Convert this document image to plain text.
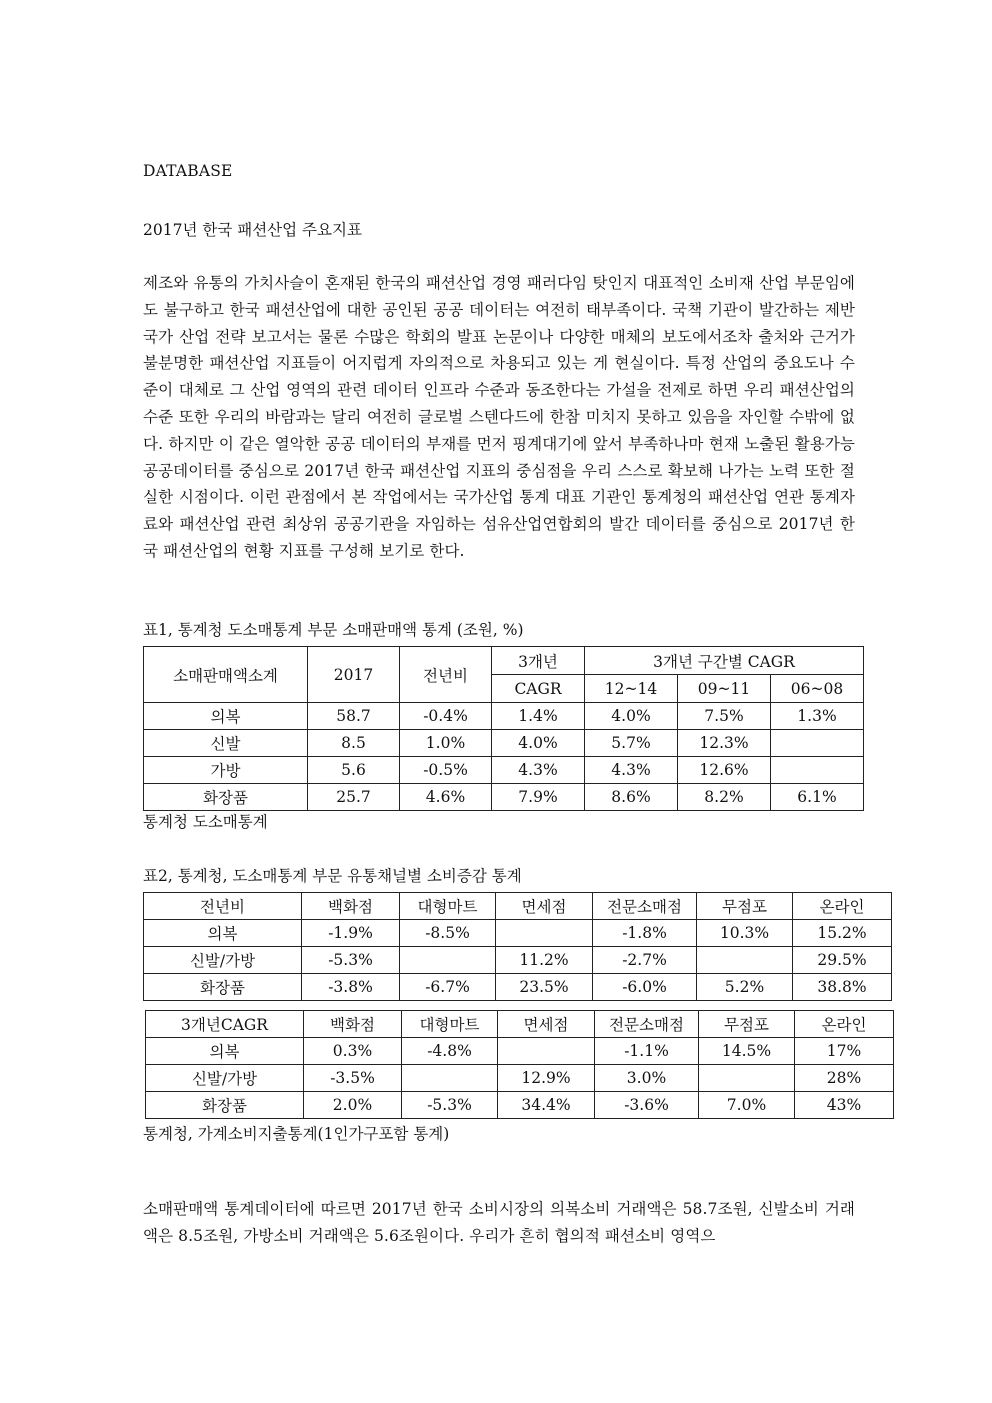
DATABASE
2017년 한국 패션산업 주요지표

제조와 유통의 가치사슬이 혼재된 한국의 패션산업 경영 패러다임 탓인지 대표적인 소비재 산업 부문임에도 불구하고 한국 패션산업에 대한 공인된 공공 데이터는 여전히 태부족이다. 국책 기관이 발간하는 제반 국가 산업 전략 보고서는 물론 수많은 학회의 발표 논문이나 다양한 매체의 보도에서조차 출처와 근거가 불분명한 패션산업 지표들이 어지럽게 자의적으로 차용되고 있는 게 현실이다. 특정 산업의 중요도나 수준이 대체로 그 산업 영역의 관련 데이터 인프라 수준과 동조한다는 가설을 전제로 하면 우리 패션산업의 수준 또한 우리의 바람과는 달리 여전히 글로벌 스텐다드에 한참 미치지 못하고 있음을 자인할 수밖에 없다. 하지만 이 같은 열악한 공공 데이터의 부재를 먼저 핑계대기에 앞서 부족하나마 현재 노출된 활용가능 공공데이터를 중심으로 2017년 한국 패션산업 지표의 중심점을 우리 스스로 확보해 나가는 노력 또한 절실한 시점이다. 이런 관점에서 본 작업에서는 국가산업 통계 대표 기관인 통계청의 패션산업 연관 통계자료와 패션산업 관련 최상위 공공기관을 자임하는 섬유산업연합회의 발간 데이터를 중심으로 2017년 한국 패션산업의 현황 지표를 구성해 보기로 한다.

표1, 통계청 도소매통계 부문 소매판매액 통계 (조원, %)
소매판매액소계	2017	전년비	3개년	3개년 구간별 CAGR		
			CAGR	12~14	09~11	06~08
의복	58.7	-0.4%	1.4%	4.0%	7.5%	1.3%
신발	8.5	1.0%	4.0%	5.7%	12.3%	
가방	5.6	-0.5%	4.3%	4.3%	12.6%	
화장품	25.7	4.6%	7.9%	8.6%	8.2%	6.1%
통계청 도소매통계
표2, 통계청, 도소매통계 부문 유통채널별 소비증감 통계
전년비	백화점	대형마트	면세점	전문소매점	무점포	온라인
의복	-1.9%	-8.5%		-1.8%	10.3%	15.2%
신발/가방	-5.3%		11.2%	-2.7%		29.5%
화장품	-3.8%	-6.7%	23.5%	-6.0%	5.2%	38.8%
3개년CAGR	백화점	대형마트	면세점	전문소매점	무점포	온라인
의복	0.3%	-4.8%		-1.1%	14.5%	17%
신발/가방	-3.5%		12.9%	3.0%		28%
화장품	2.0%	-5.3%	34.4%	-3.6%	7.0%	43%
통계청, 가계소비지출통계(1인가구포함 통계)

소매판매액 통계데이터에 따르면 2017년 한국 소비시장의 의복소비 거래액은 58.7조원, 신발소비 거래액은 8.5조원, 가방소비 거래액은 5.6조원이다. 우리가 흔히 협의적 패션소비 영역으
